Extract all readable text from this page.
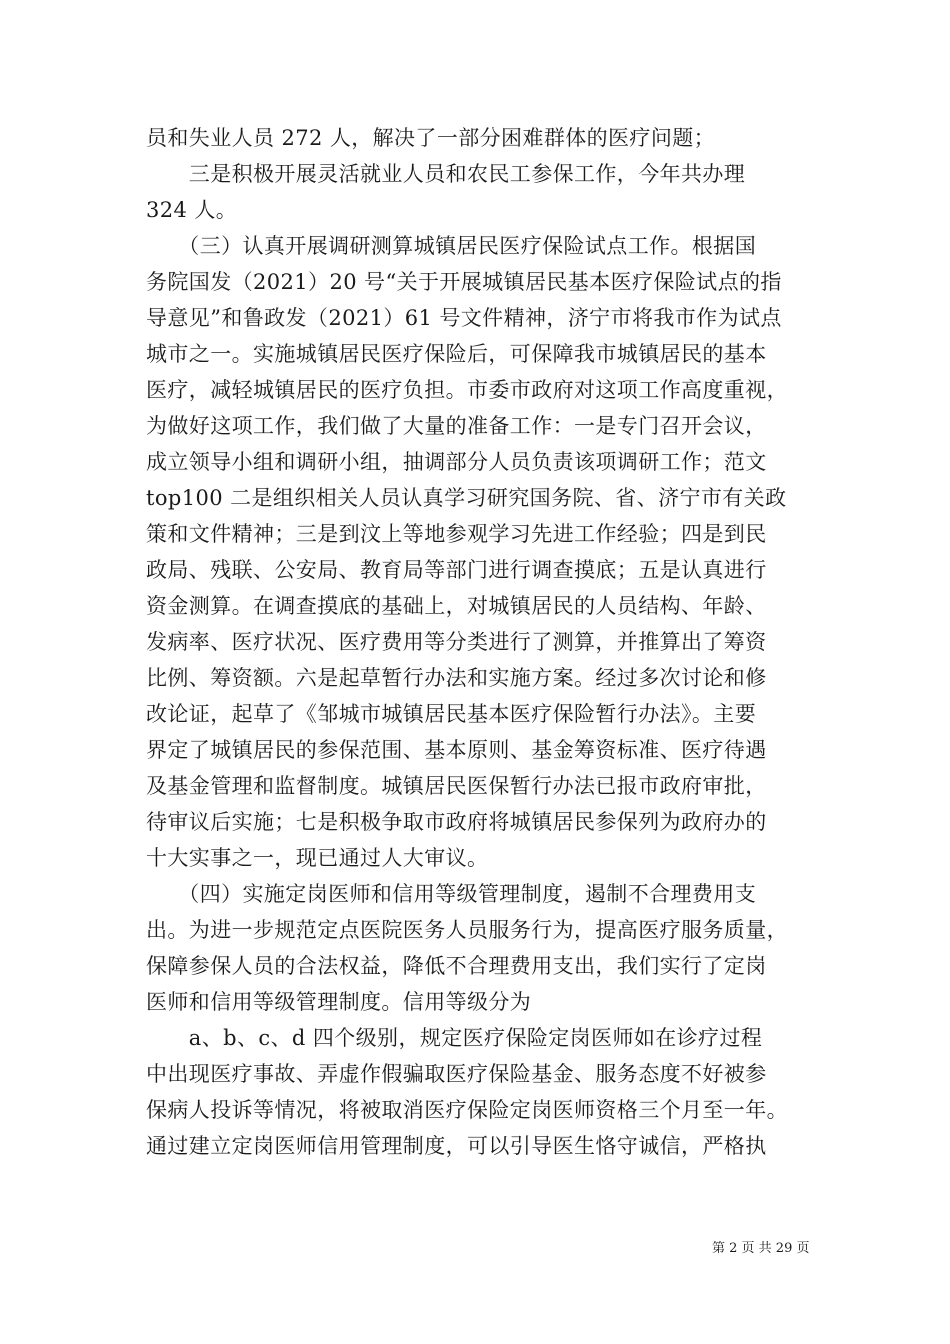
员和失业人员 272 人，解决了一部分困难群体的医疗问题；
　　三是积极开展灵活就业人员和农民工参保工作，今年共办理
324 人。
　　（三）认真开展调研测算城镇居民医疗保险试点工作。根据国
务院国发（2021）20 号“关于开展城镇居民基本医疗保险试点的指
导意见”和鲁政发（2021）61 号文件精神，济宁市将我市作为试点
城市之一。实施城镇居民医疗保险后，可保障我市城镇居民的基本
医疗，减轻城镇居民的医疗负担。市委市政府对这项工作高度重视，
为做好这项工作，我们做了大量的准备工作：一是专门召开会议，
成立领导小组和调研小组，抽调部分人员负责该项调研工作；范文
top100 二是组织相关人员认真学习研究国务院、省、济宁市有关政
策和文件精神；三是到汶上等地参观学习先进工作经验；四是到民
政局、残联、公安局、教育局等部门进行调查摸底；五是认真进行
资金测算。在调查摸底的基础上，对城镇居民的人员结构、年龄、
发病率、医疗状况、医疗费用等分类进行了测算，并推算出了筹资
比例、筹资额。六是起草暂行办法和实施方案。经过多次讨论和修
改论证，起草了《邹城市城镇居民基本医疗保险暂行办法》。主要
界定了城镇居民的参保范围、基本原则、基金筹资标准、医疗待遇
及基金管理和监督制度。城镇居民医保暂行办法已报市政府审批，
待审议后实施；七是积极争取市政府将城镇居民参保列为政府办的
十大实事之一，现已通过人大审议。
　　（四）实施定岗医师和信用等级管理制度，遏制不合理费用支
出。为进一步规范定点医院医务人员服务行为，提高医疗服务质量，
保障参保人员的合法权益，降低不合理费用支出，我们实行了定岗
医师和信用等级管理制度。信用等级分为
　　a、b、c、d 四个级别，规定医疗保险定岗医师如在诊疗过程
中出现医疗事故、弄虚作假骗取医疗保险基金、服务态度不好被参
保病人投诉等情况，将被取消医疗保险定岗医师资格三个月至一年。
通过建立定岗医师信用管理制度，可以引导医生恪守诚信，严格执
第 2 页 共 29 页
